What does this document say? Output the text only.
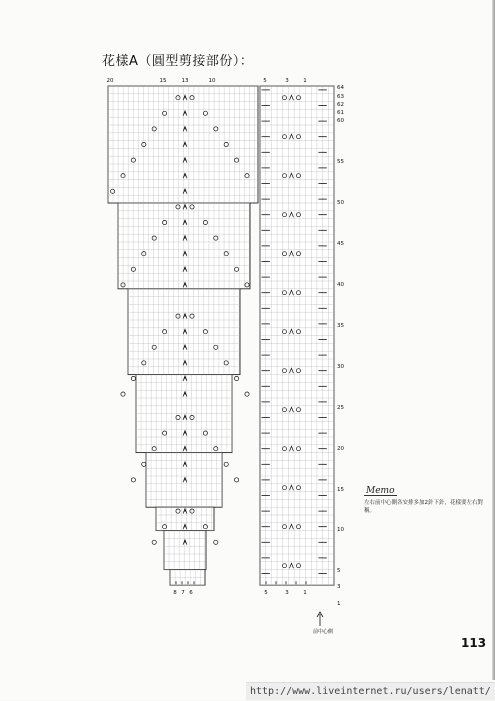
花樣A（圓型剪接部份）：
20	15	13	10
8 7 6
5	3	1
5	3	1
64
63
62
61
60
55
50
45
40
35
30
25
20
15
10
5
3
1
前中心側
Memo
左右前中心側各安排多加2針下針，花樣要左右對稱。
113
http://www.liveinternet.ru/users/lenatt/
